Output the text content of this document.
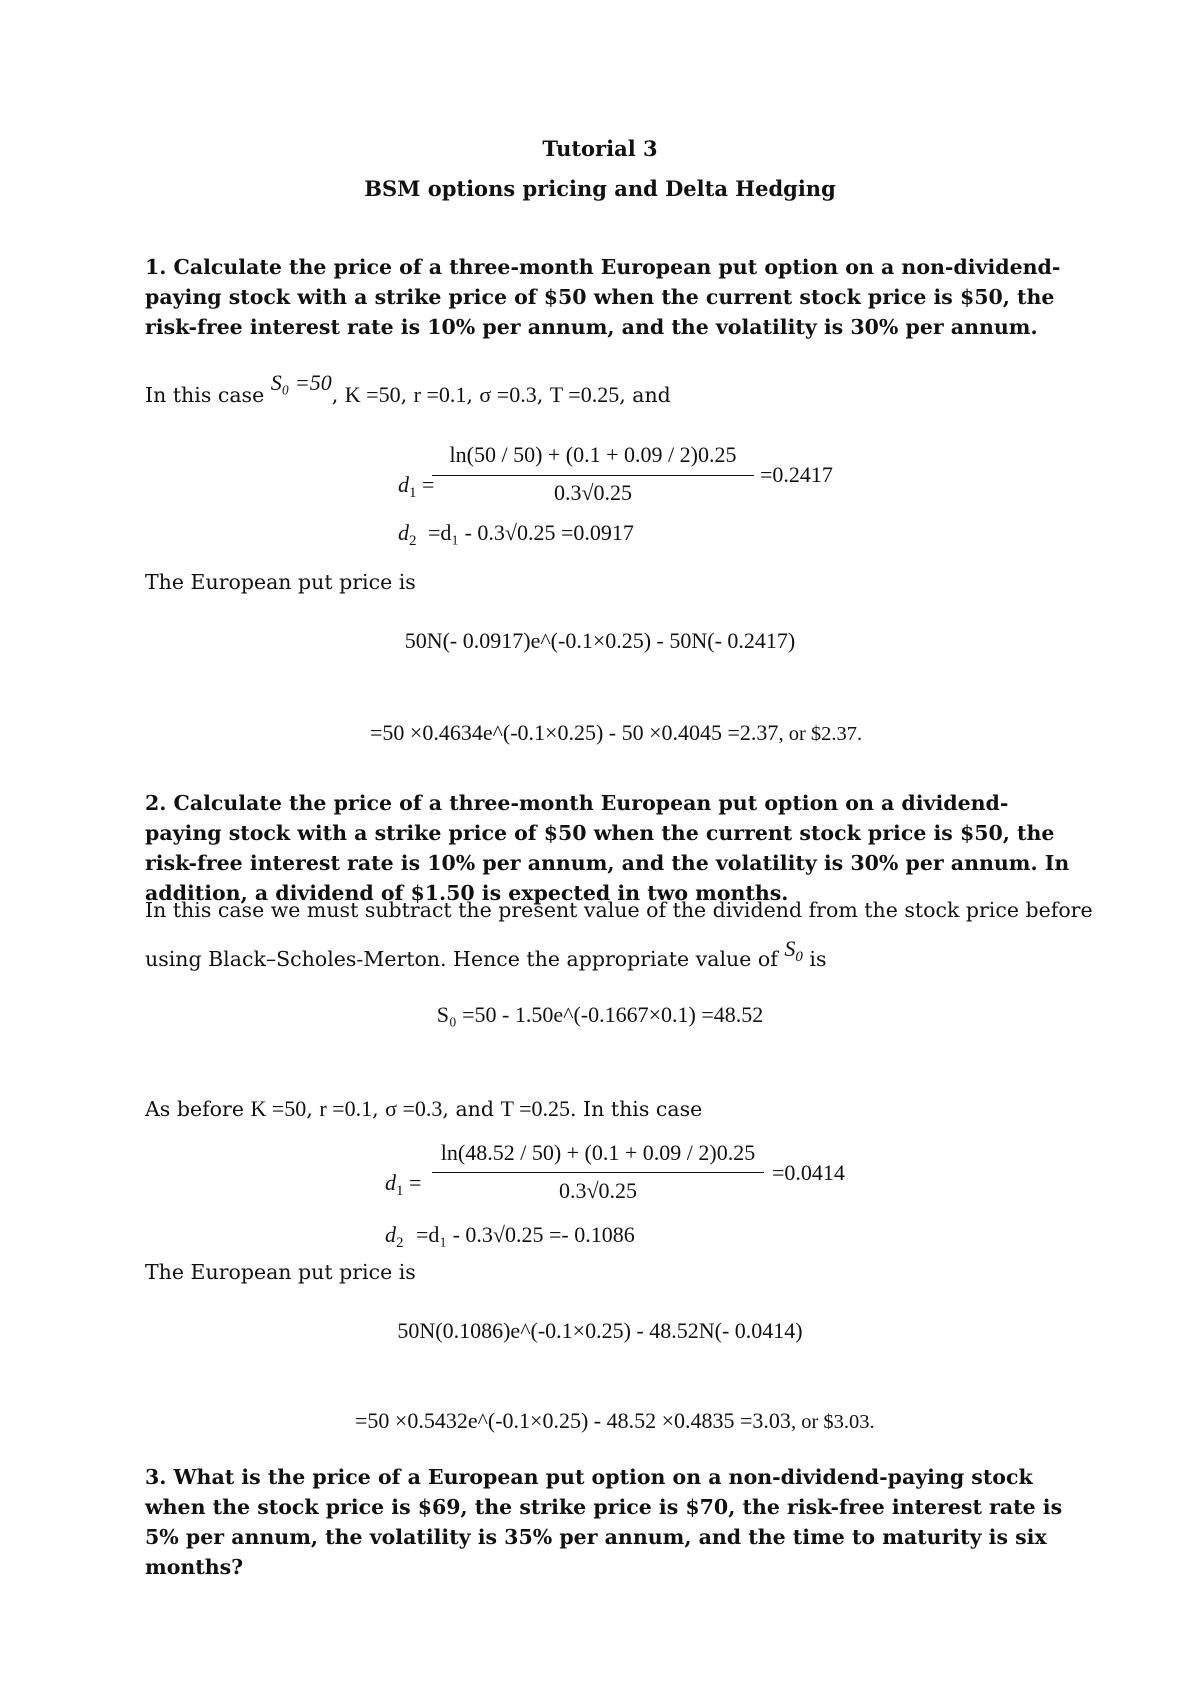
Tutorial 3
BSM options pricing and Delta Hedging
1. Calculate the price of a three-month European put option on a non-dividend-paying stock with a strike price of $50 when the current stock price is $50, the risk-free interest rate is 10% per annum, and the volatility is 30% per annum.
In this case S₀ =50, K =50, r =0.1, σ =0.3, T =0.25, and
$d_1$ =
ln(50 / 50) + (0.1 + 0.09 / 2)0.25
0.3√0.25
=0.2417
$d_2 =d_1 - 0.3√0.25 =0.0917$
The European put price is
50N(- 0.0917)e^(-0.1×0.25) - 50N(- 0.2417)
=50 ×0.4634e^(-0.1×0.25) - 50 ×0.4045 =2.37, or $2.37.
2. Calculate the price of a three-month European put option on a dividend-paying stock with a strike price of $50 when the current stock price is $50, the risk-free interest rate is 10% per annum, and the volatility is 30% per annum. In addition, a dividend of $1.50 is expected in two months.
In this case we must subtract the present value of the dividend from the stock price before
using Black–Scholes-Merton. Hence the appropriate value of $S_0$ is
S₀ =50 - 1.50e^(-0.1667×0.1) =48.52
As before K =50, r =0.1, σ =0.3, and T =0.25. In this case
$d_1$ =
ln(48.52 / 50) + (0.1 + 0.09 / 2)0.25
0.3√0.25
=0.0414
$d_2 =d_1 - 0.3√0.25 =- 0.1086$
The European put price is
50N(0.1086)e^(-0.1×0.25) - 48.52N(- 0.0414)
=50 ×0.5432e^(-0.1×0.25) - 48.52 ×0.4835 =3.03, or $3.03.
3. What is the price of a European put option on a non-dividend-paying stock when the stock price is $69, the strike price is $70, the risk-free interest rate is 5% per annum, the volatility is 35% per annum, and the time to maturity is six months?
